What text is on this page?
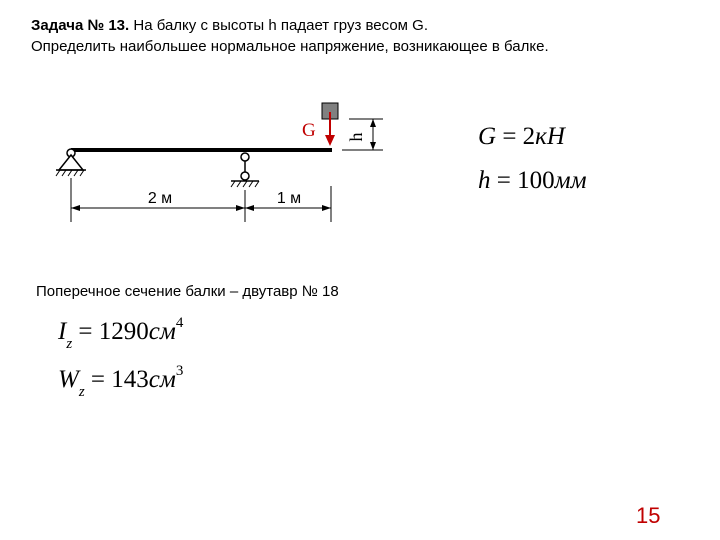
Задача № 13. На балку с высоты h падает груз весом G.
Определить наибольшее нормальное напряжение, возникающее в балке.
G h
2 м	1 м
G = 2кН
h = 100мм
Поперечное сечение балки – двутавр № 18
$I_z = 1290см^4$
$W_z = 143см^3$
15
